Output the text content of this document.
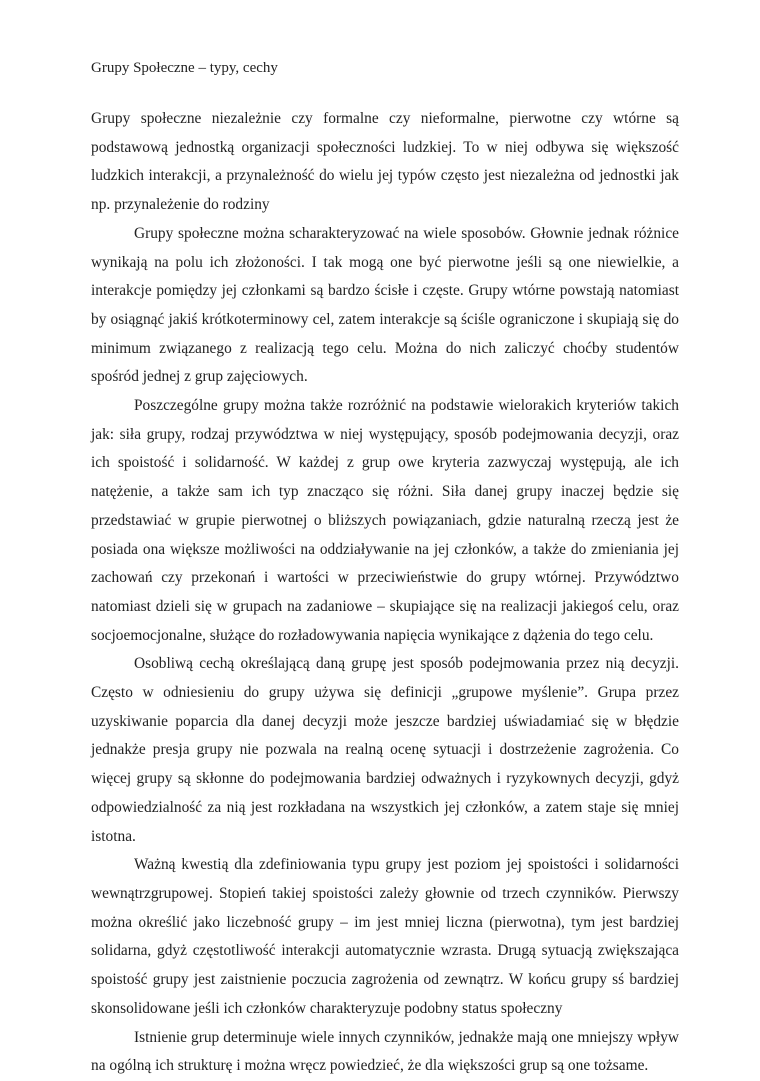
Grupy Społeczne – typy, cechy

Grupy społeczne niezależnie czy formalne czy nieformalne, pierwotne czy wtórne są podstawową jednostką organizacji społeczności ludzkiej. To w niej odbywa się większość ludzkich interakcji, a przynależność do wielu jej typów często jest niezależna od jednostki jak np. przynależenie do rodziny

Grupy społeczne można scharakteryzować na wiele sposobów. Głownie jednak różnice wynikają na polu ich złożoności. I tak mogą one być pierwotne jeśli są one niewielkie, a interakcje pomiędzy jej członkami są bardzo ścisłe i częste. Grupy wtórne powstają natomiast by osiągnąć jakiś krótkoterminowy cel, zatem interakcje są ściśle ograniczone i skupiają się do minimum związanego z realizacją tego celu. Można do nich zaliczyć choćby studentów spośród jednej z grup zajęciowych.

Poszczególne grupy można także rozróżnić na podstawie wielorakich kryteriów takich jak: siła grupy, rodzaj przywództwa w niej występujący, sposób podejmowania decyzji, oraz ich spoistość i solidarność. W każdej z grup owe kryteria zazwyczaj występują, ale ich natężenie, a także sam ich typ znacząco się różni. Siła danej grupy inaczej będzie się przedstawiać w grupie pierwotnej o bliższych powiązaniach, gdzie naturalną rzeczą jest że posiada ona większe możliwości na oddziaływanie na jej członków, a także do zmieniania jej zachowań czy przekonań i wartości w przeciwieństwie do grupy wtórnej. Przywództwo natomiast dzieli się w grupach na zadaniowe – skupiające się na realizacji jakiegoś celu, oraz socjoemocjonalne, służące do rozładowywania napięcia wynikające z dążenia do tego celu.

Osobliwą cechą określającą daną grupę jest sposób podejmowania przez nią decyzji. Często w odniesieniu do grupy używa się definicji „grupowe myślenie”. Grupa przez uzyskiwanie poparcia dla danej decyzji może jeszcze bardziej uświadamiać się w błędzie jednakże presja grupy nie pozwala na realną ocenę sytuacji i dostrzeżenie zagrożenia. Co więcej grupy są skłonne do podejmowania bardziej odważnych i ryzykownych decyzji, gdyż odpowiedzialność za nią jest rozkładana na wszystkich jej członków, a zatem staje się mniej istotna.

Ważną kwestią dla zdefiniowania typu grupy jest poziom jej spoistości i solidarności wewnątrzgrupowej. Stopień takiej spoistości zależy głownie od trzech czynników. Pierwszy można określić jako liczebność grupy – im jest mniej liczna (pierwotna), tym jest bardziej solidarna, gdyż częstotliwość interakcji automatycznie wzrasta. Drugą sytuacją zwiększająca spoistość grupy jest zaistnienie poczucia zagrożenia od zewnątrz. W końcu grupy sś bardziej skonsolidowane jeśli ich członków charakteryzuje podobny status społeczny

Istnienie grup determinuje wiele innych czynników, jednakże mają one mniejszy wpływ na ogólną ich strukturę i można wręcz powiedzieć, że dla większości grup są one tożsame.
